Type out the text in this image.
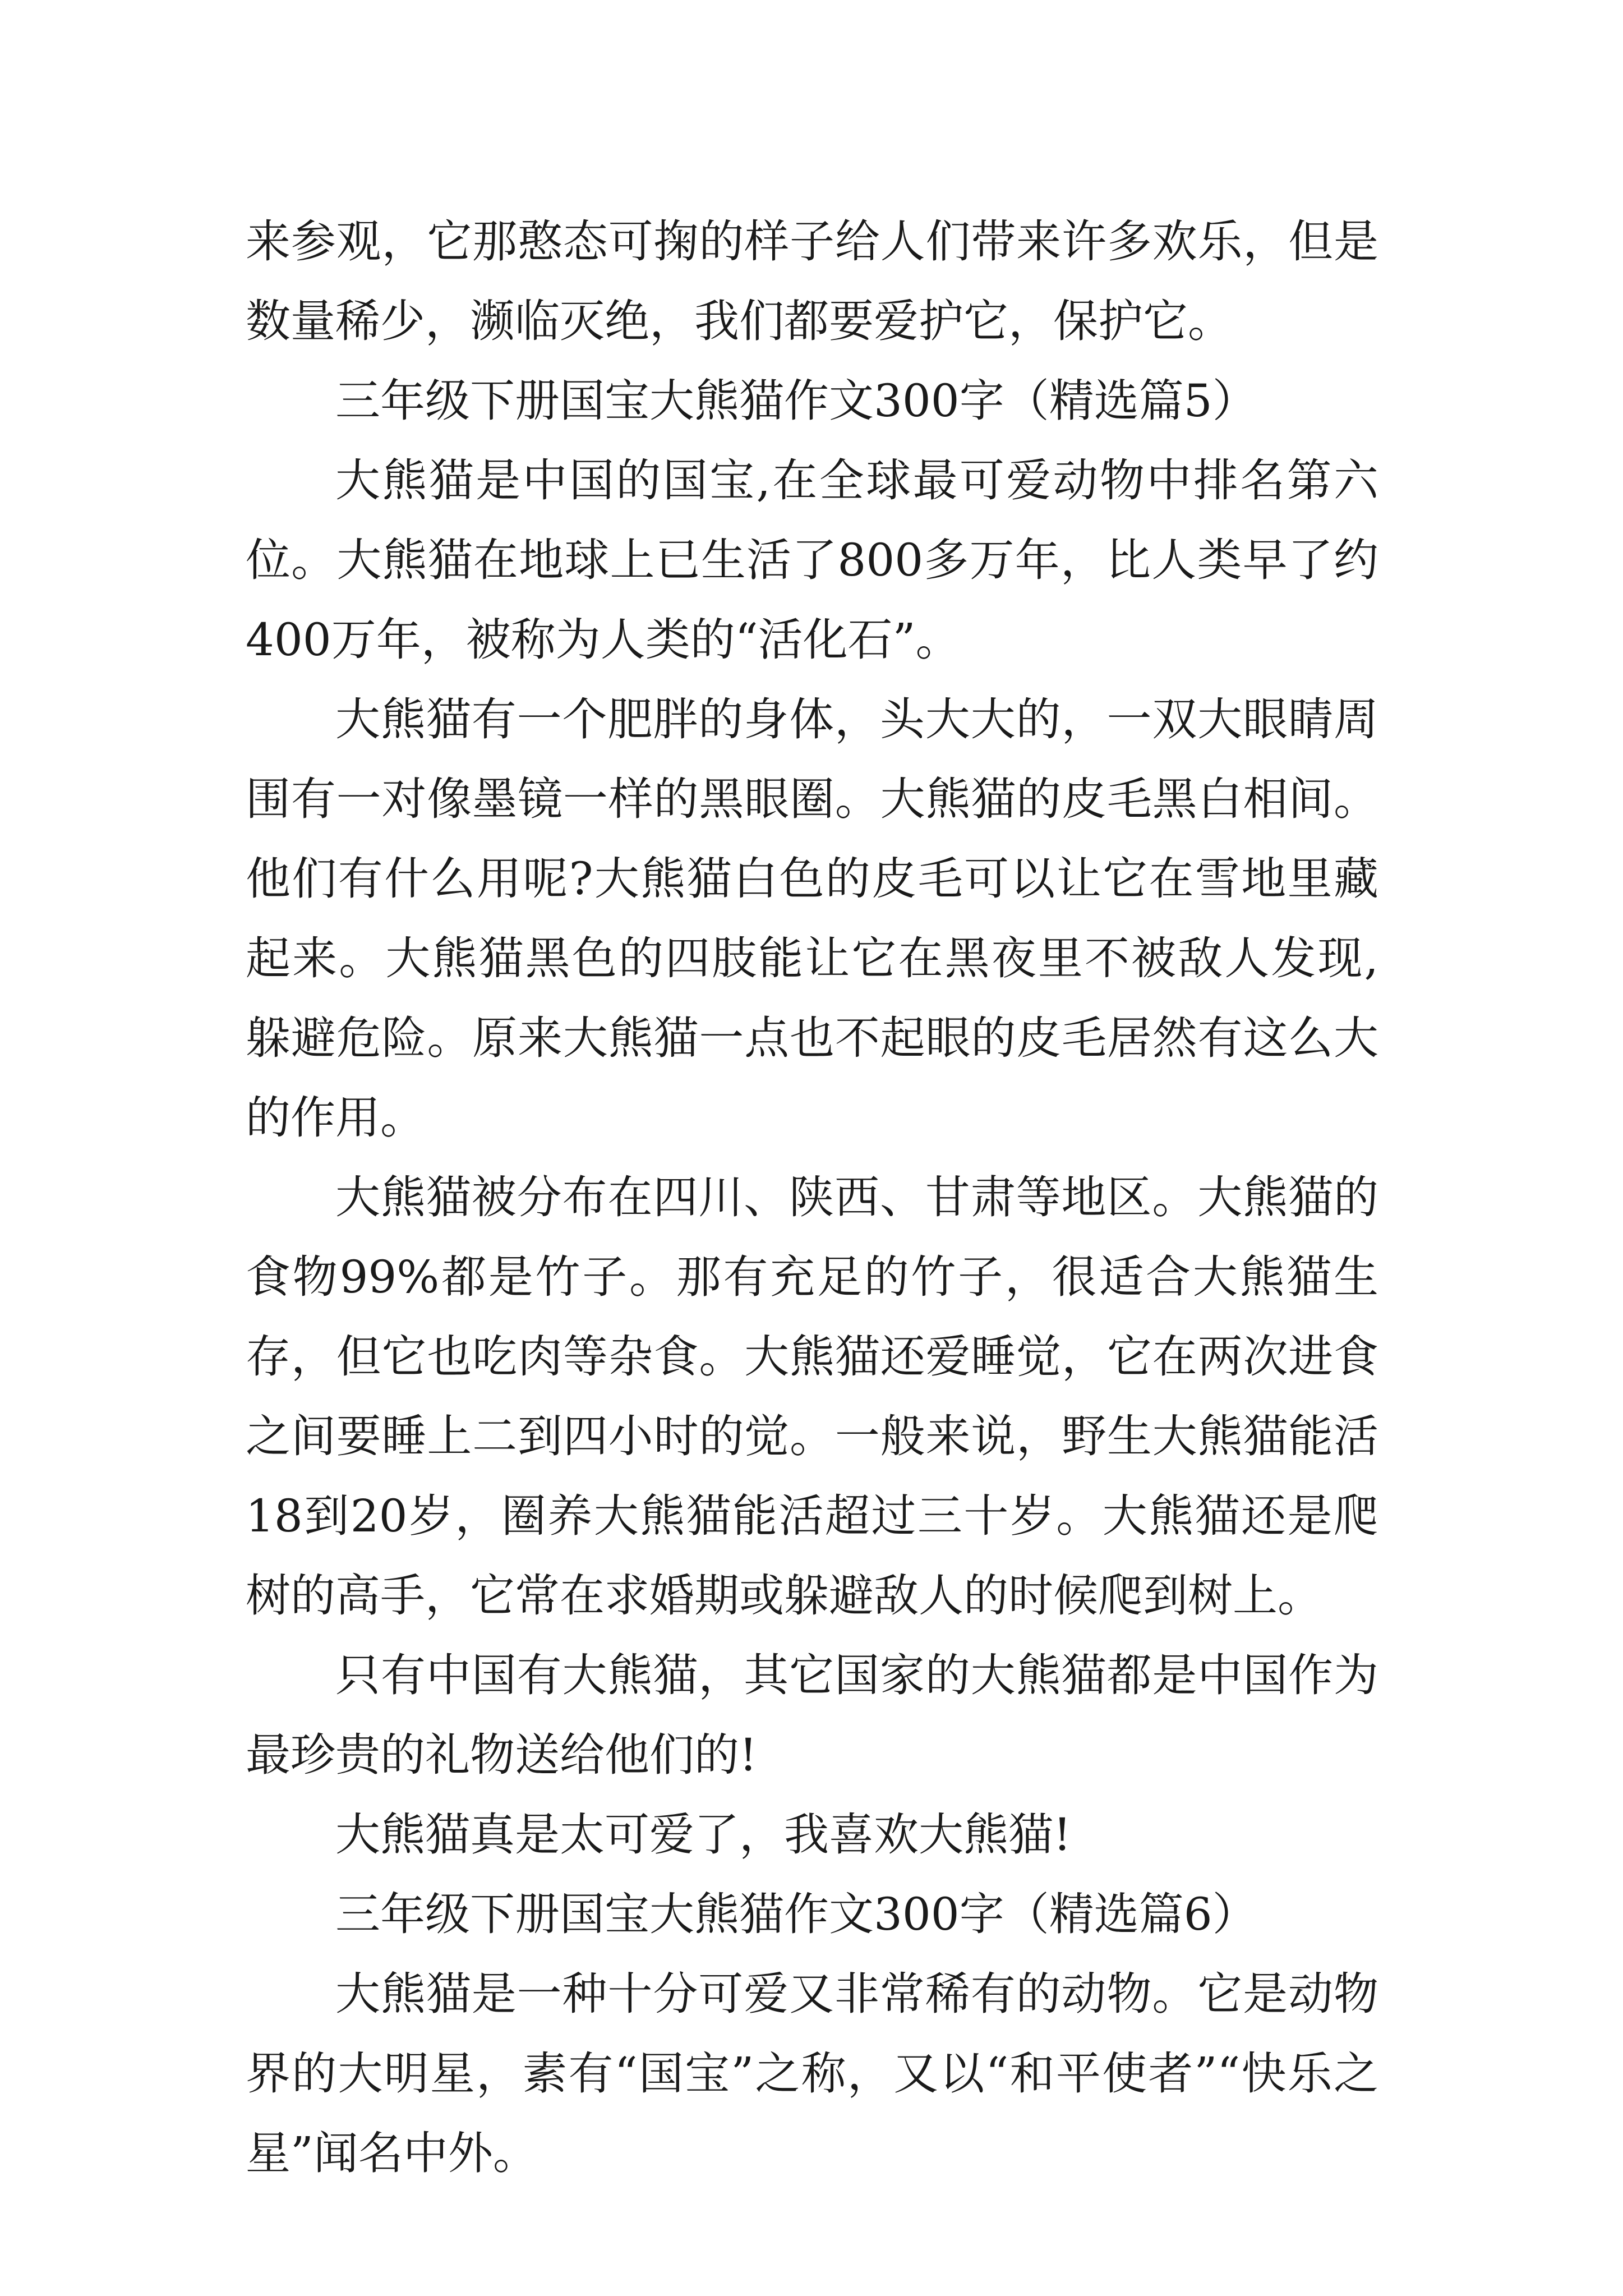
来参观，它那憨态可掬的样子给人们带来许多欢乐，但是数量稀少，濒临灭绝，我们都要爱护它，保护它。

三年级下册国宝大熊猫作文300字（精选篇5）

大熊猫是中国的国宝,在全球最可爱动物中排名第六位。大熊猫在地球上已生活了800多万年，比人类早了约400万年，被称为人类的“活化石”。

大熊猫有一个肥胖的身体，头大大的，一双大眼睛周围有一对像墨镜一样的黑眼圈。大熊猫的皮毛黑白相间。他们有什么用呢?大熊猫白色的皮毛可以让它在雪地里藏起来。大熊猫黑色的四肢能让它在黑夜里不被敌人发现,躲避危险。原来大熊猫一点也不起眼的皮毛居然有这么大的作用。

大熊猫被分布在四川、陕西、甘肃等地区。大熊猫的食物99%都是竹子。那有充足的竹子，很适合大熊猫生存，但它也吃肉等杂食。大熊猫还爱睡觉，它在两次进食之间要睡上二到四小时的觉。一般来说，野生大熊猫能活18到20岁，圈养大熊猫能活超过三十岁。大熊猫还是爬树的高手，它常在求婚期或躲避敌人的时候爬到树上。

只有中国有大熊猫，其它国家的大熊猫都是中国作为最珍贵的礼物送给他们的!

大熊猫真是太可爱了，我喜欢大熊猫!

三年级下册国宝大熊猫作文300字（精选篇6）

大熊猫是一种十分可爱又非常稀有的动物。它是动物界的大明星，素有“国宝”之称，又以“和平使者”“快乐之星”闻名中外。
